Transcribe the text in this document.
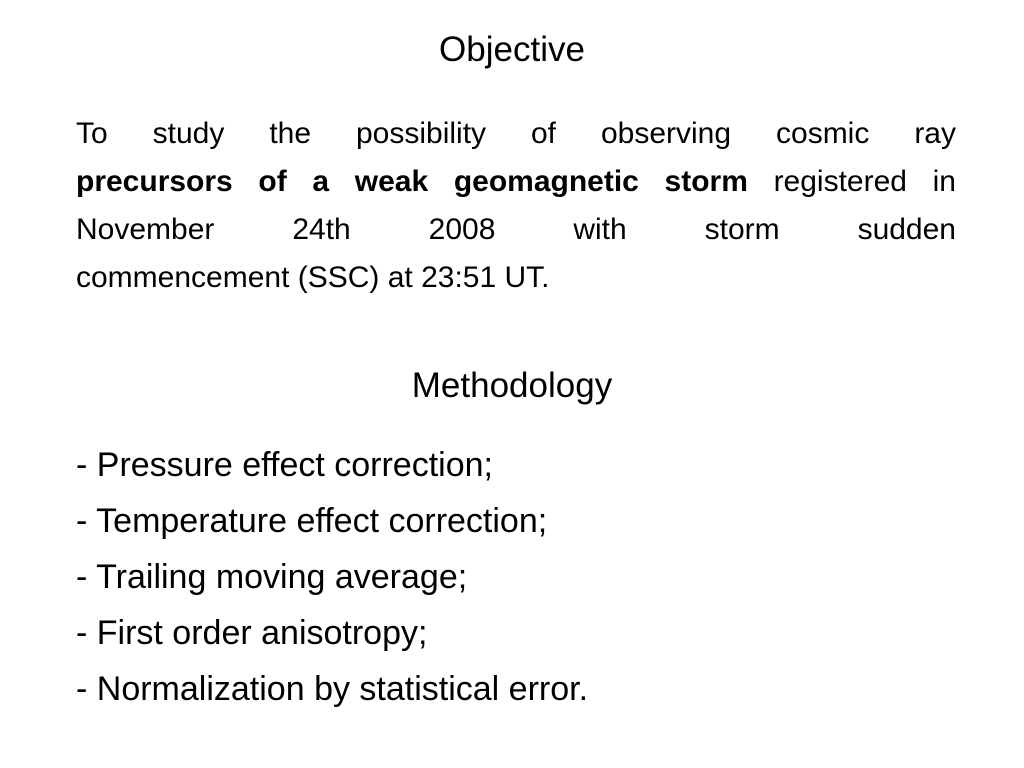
Objective

To study the possibility of observing cosmic ray
precursors of a weak geomagnetic storm registered in
November 24th 2008 with storm sudden
commencement (SSC) at 23:51 UT.

Methodology
- Pressure effect correction;
- Temperature effect correction;
- Trailing moving average;
- First order anisotropy;
- Normalization by statistical error.
